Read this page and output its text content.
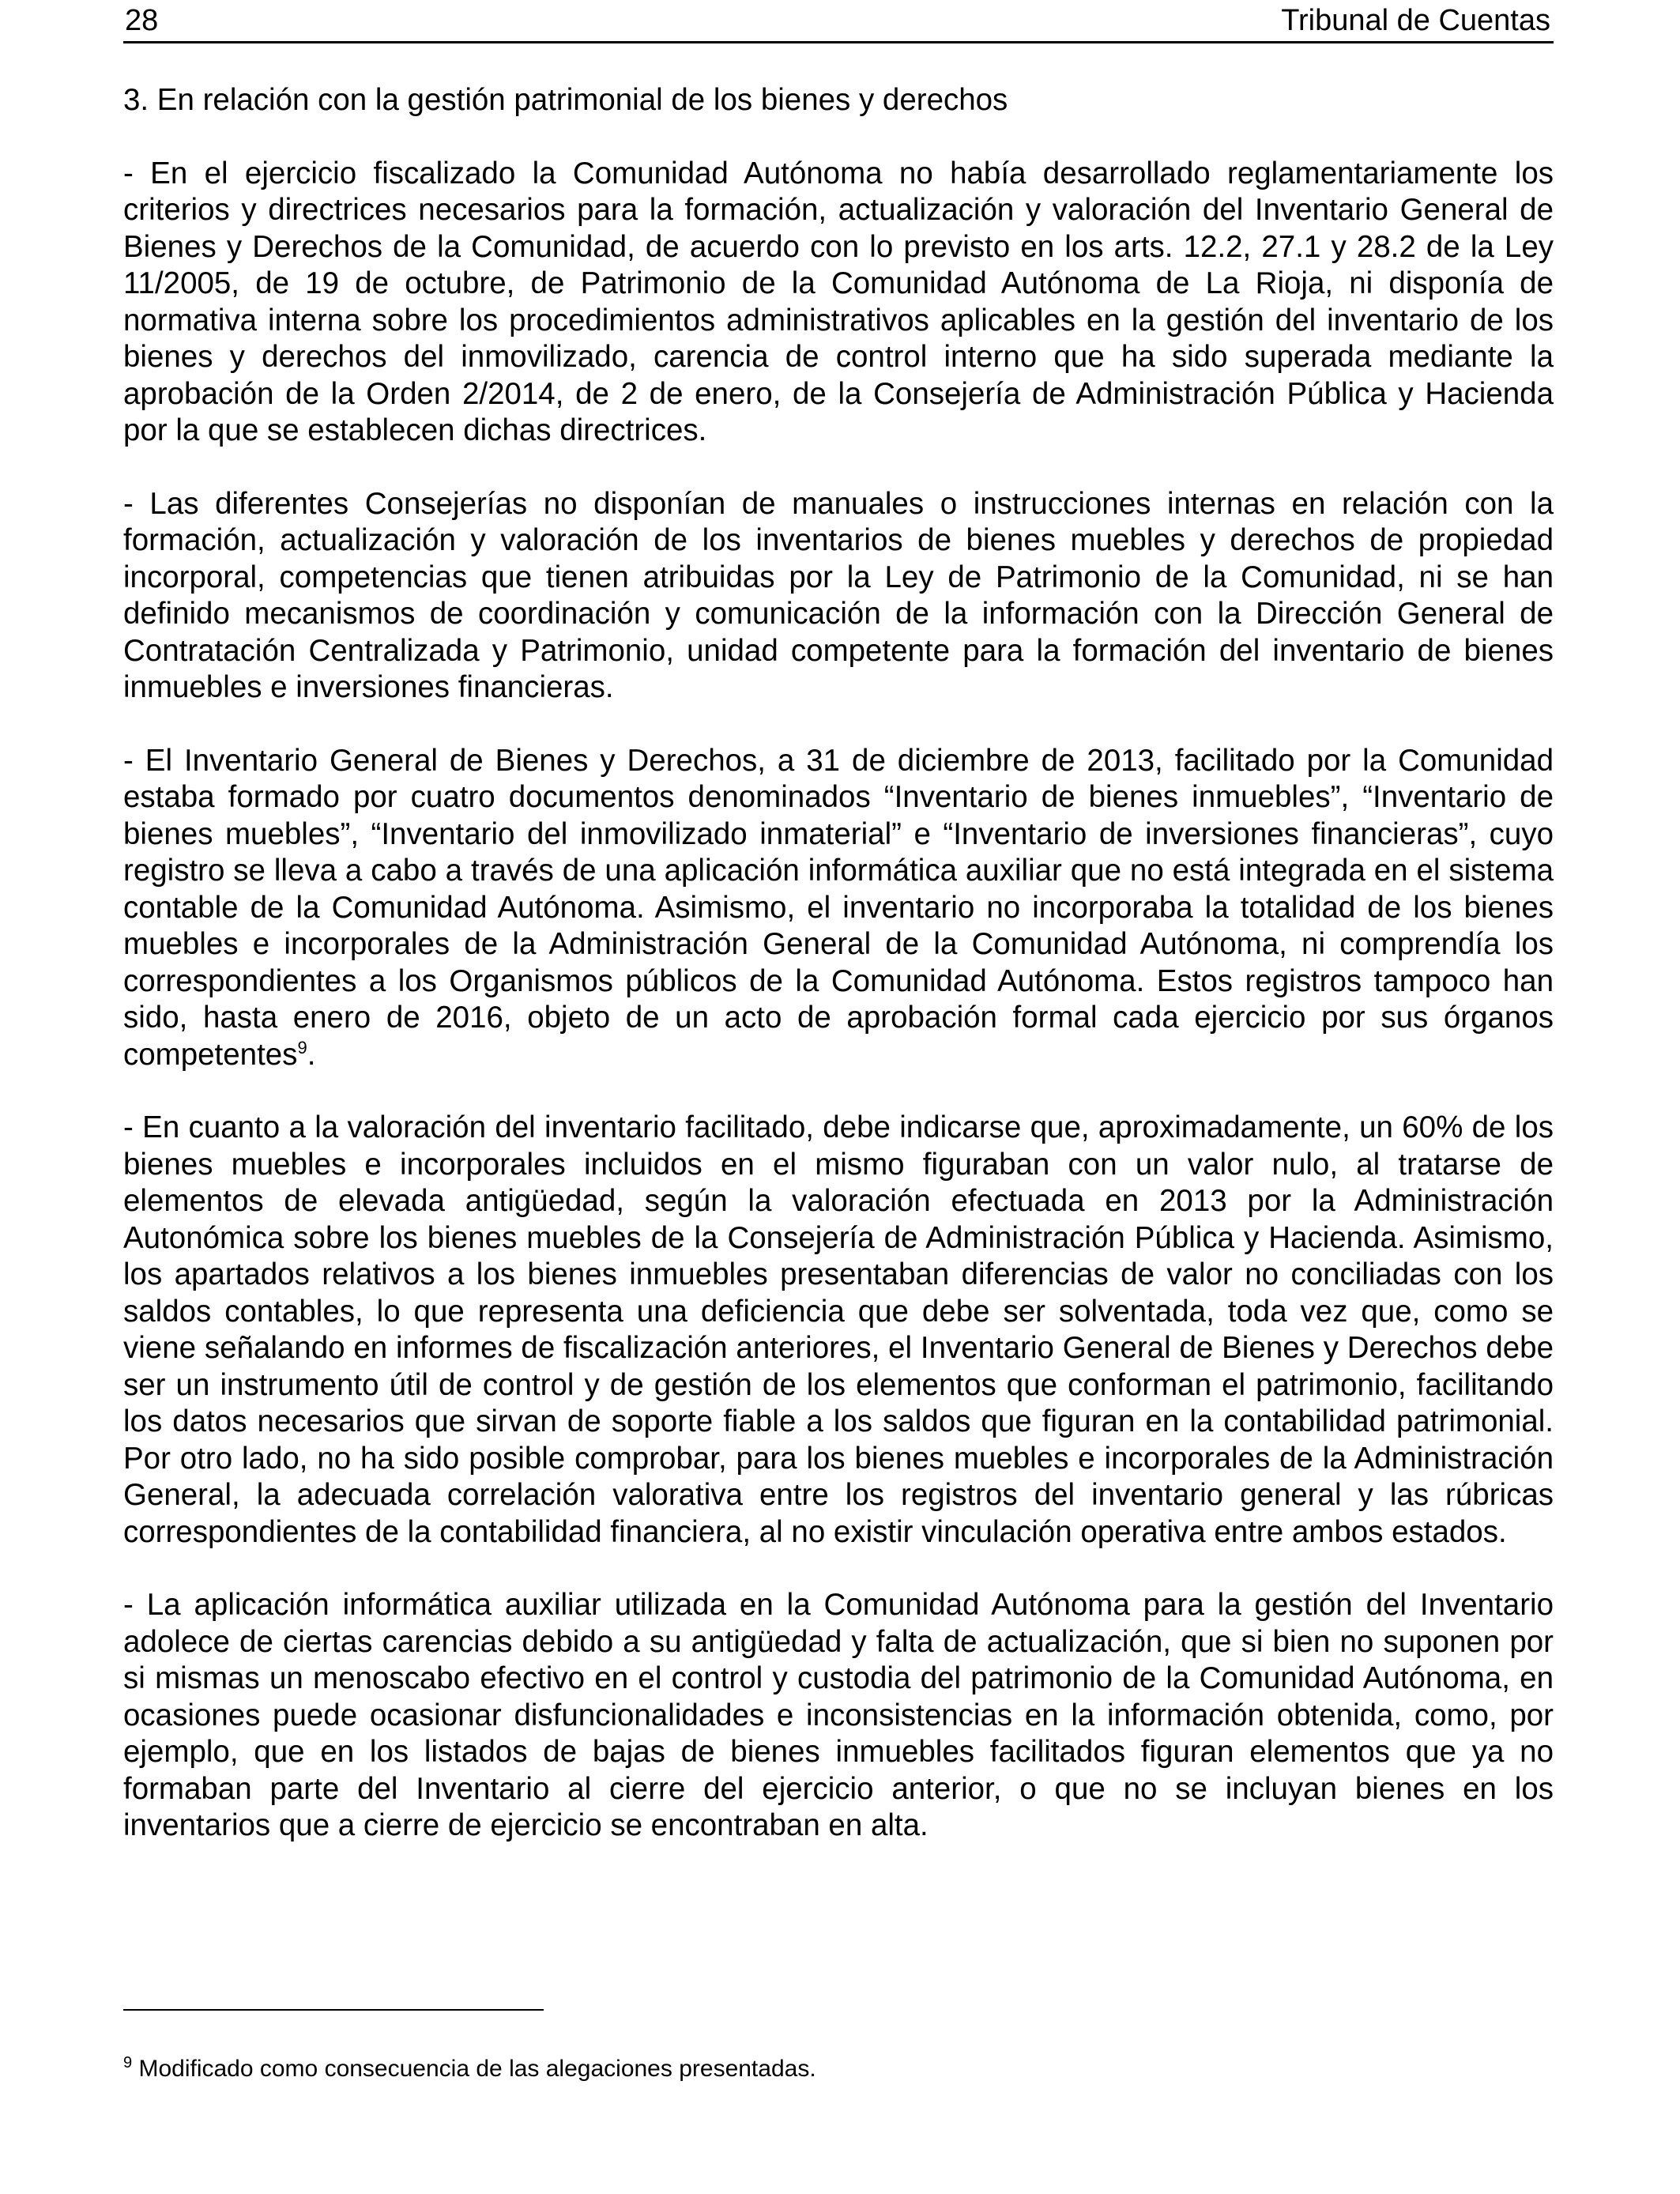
28	Tribunal de Cuentas

3. En relación con la gestión patrimonial de los bienes y derechos

- En el ejercicio fiscalizado la Comunidad Autónoma no había desarrollado reglamentariamente los criterios y directrices necesarios para la formación, actualización y valoración del Inventario General de Bienes y Derechos de la Comunidad, de acuerdo con lo previsto en los arts. 12.2, 27.1 y 28.2 de la Ley 11/2005, de 19 de octubre, de Patrimonio de la Comunidad Autónoma de La Rioja, ni disponía de normativa interna sobre los procedimientos administrativos aplicables en la gestión del inventario de los bienes y derechos del inmovilizado, carencia de control interno que ha sido superada mediante la aprobación de la Orden 2/2014, de 2 de enero, de la Consejería de Administración Pública y Hacienda por la que se establecen dichas directrices.

- Las diferentes Consejerías no disponían de manuales o instrucciones internas en relación con la formación, actualización y valoración de los inventarios de bienes muebles y derechos de propiedad incorporal, competencias que tienen atribuidas por la Ley de Patrimonio de la Comunidad, ni se han definido mecanismos de coordinación y comunicación de la información con la Dirección General de Contratación Centralizada y Patrimonio, unidad competente para la formación del inventario de bienes inmuebles e inversiones financieras.

- El Inventario General de Bienes y Derechos, a 31 de diciembre de 2013, facilitado por la Comunidad estaba formado por cuatro documentos denominados “Inventario de bienes inmuebles”, “Inventario de bienes muebles”, “Inventario del inmovilizado inmaterial” e “Inventario de inversiones financieras”, cuyo registro se lleva a cabo a través de una aplicación informática auxiliar que no está integrada en el sistema contable de la Comunidad Autónoma. Asimismo, el inventario no incorporaba la totalidad de los bienes muebles e incorporales de la Administración General de la Comunidad Autónoma, ni comprendía los correspondientes a los Organismos públicos de la Comunidad Autónoma. Estos registros tampoco han sido, hasta enero de 2016, objeto de un acto de aprobación formal cada ejercicio por sus órganos competentes$^9$.

- En cuanto a la valoración del inventario facilitado, debe indicarse que, aproximadamente, un 60% de los bienes muebles e incorporales incluidos en el mismo figuraban con un valor nulo, al tratarse de elementos de elevada antigüedad, según la valoración efectuada en 2013 por la Administración Autonómica sobre los bienes muebles de la Consejería de Administración Pública y Hacienda. Asimismo, los apartados relativos a los bienes inmuebles presentaban diferencias de valor no conciliadas con los saldos contables, lo que representa una deficiencia que debe ser solventada, toda vez que, como se viene señalando en informes de fiscalización anteriores, el Inventario General de Bienes y Derechos debe ser un instrumento útil de control y de gestión de los elementos que conforman el patrimonio, facilitando los datos necesarios que sirvan de soporte fiable a los saldos que figuran en la contabilidad patrimonial. Por otro lado, no ha sido posible comprobar, para los bienes muebles e incorporales de la Administración General, la adecuada correlación valorativa entre los registros del inventario general y las rúbricas correspondientes de la contabilidad financiera, al no existir vinculación operativa entre ambos estados.

- La aplicación informática auxiliar utilizada en la Comunidad Autónoma para la gestión del Inventario adolece de ciertas carencias debido a su antigüedad y falta de actualización, que si bien no suponen por si mismas un menoscabo efectivo en el control y custodia del patrimonio de la Comunidad Autónoma, en ocasiones puede ocasionar disfuncionalidades e inconsistencias en la información obtenida, como, por ejemplo, que en los listados de bajas de bienes inmuebles facilitados figuran elementos que ya no formaban parte del Inventario al cierre del ejercicio anterior, o que no se incluyan bienes en los inventarios que a cierre de ejercicio se encontraban en alta.

$^9$ Modificado como consecuencia de las alegaciones presentadas.
